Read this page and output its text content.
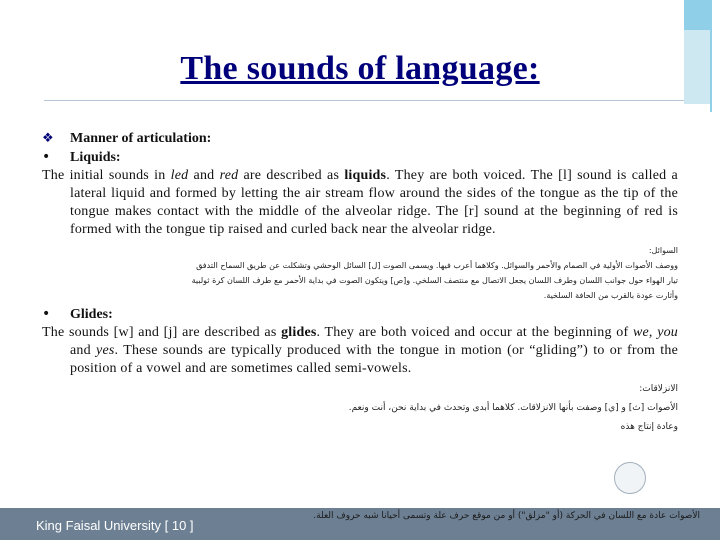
The sounds of language:
❖	Manner of articulation:
•	Liquids:

The initial sounds in led and red are described as liquids. They are both voiced. The [l] sound is called a lateral liquid and formed by letting the air stream flow around the sides of the tongue as the tip of the tongue makes contact with the middle of the alveolar ridge. The [r] sound at the beginning of red is formed with the tongue tip raised and curled back near the alveolar ridge.

السوائل:
ووصف الأصوات الأولية في الصمام والأحمر والسوائل. وكلاهما أعرب فيها. ويسمى الصوت [ل] السائل الوحشي وتشكلت عن طريق السماح التدفق
تيار الهواء حول جوانب اللسان وطرف اللسان يجعل الاتصال مع منتصف السلخي. و[ص] ويتكون الصوت في بداية الأحمر مع طرف اللسان كرة ثولبية
وأثارت عودة بالقرب من الحافة السلخية.
•	Glides:

The sounds [w] and [j] are described as glides. They are both voiced and occur at the beginning of we, you and yes. These sounds are typically produced with the tongue in motion (or “gliding”) to or from the position of a vowel and are sometimes called semi-vowels.

الانزلاقات:
الأصوات [ث] و [ي] وصفت بأنها الانزلاقات. كلاهما أبدى وتحدث في بداية نحن، أنت ونعم.
وعادة إنتاج هذه
الأصوات عادة مع اللسان في الحركة (أو "مزلق") أو من موقع حرف علة وتسمى أحيانا شبه حروف العلة.
King Faisal University [ 10 ]
